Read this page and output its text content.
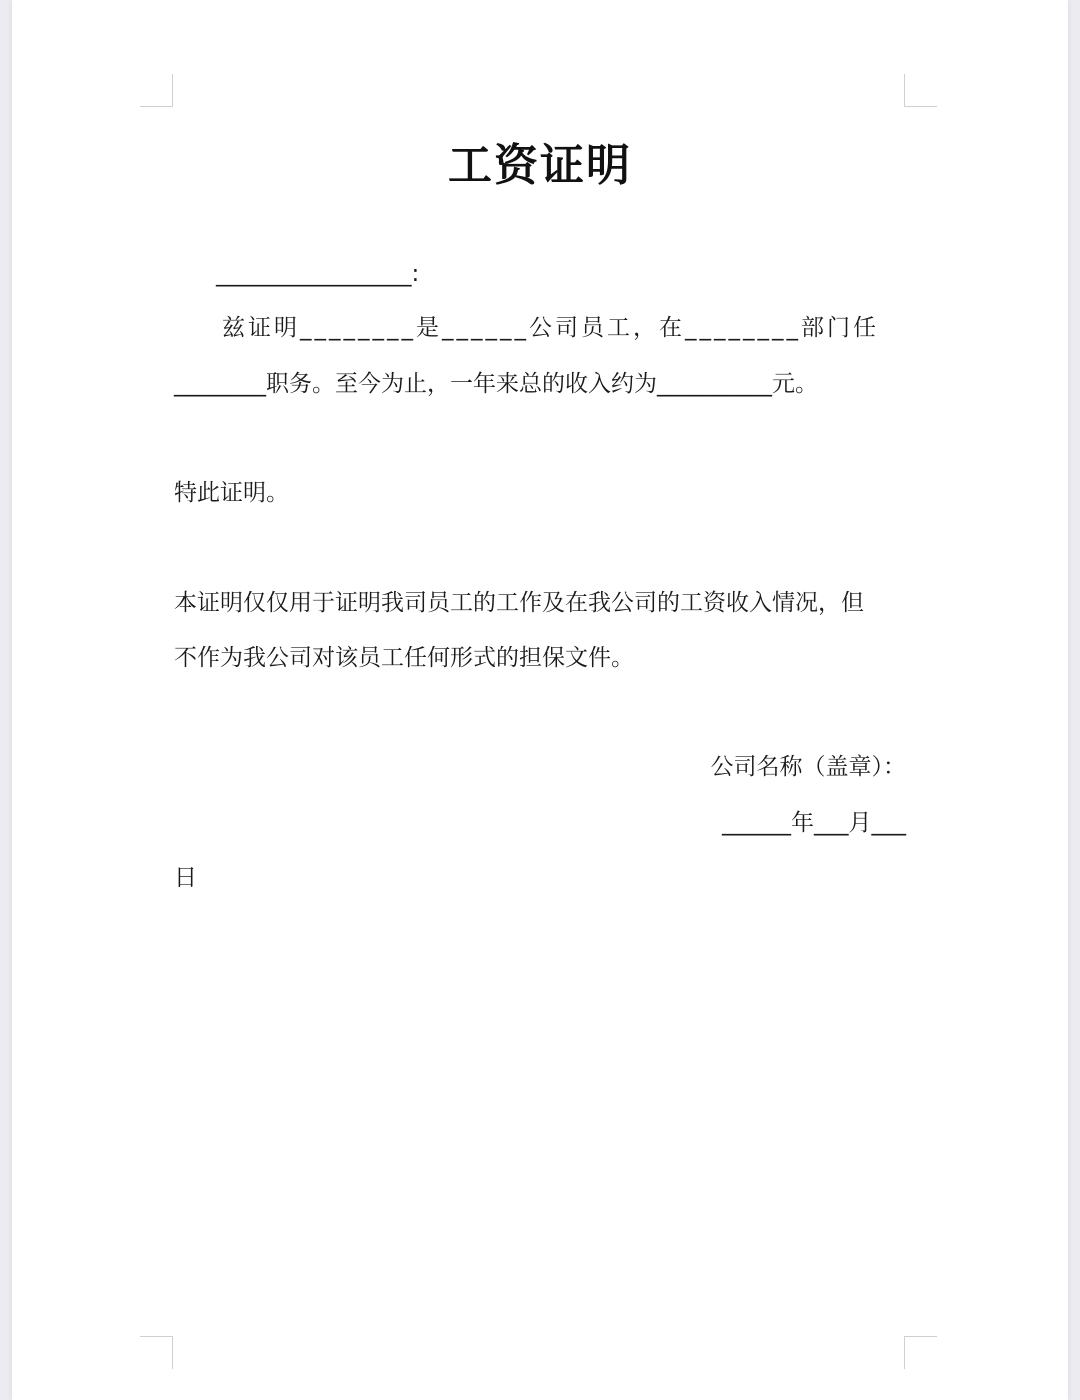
工资证明
_________________:
兹证明________是______公司员工，在________部门任
________职务。至今为止，一年来总的收入约为__________元。
特此证明。
本证明仅仅用于证明我司员工的工作及在我公司的工资收入情况，但
不作为我公司对该员工任何形式的担保文件。
公司名称（盖章）：
______年___月___
日
